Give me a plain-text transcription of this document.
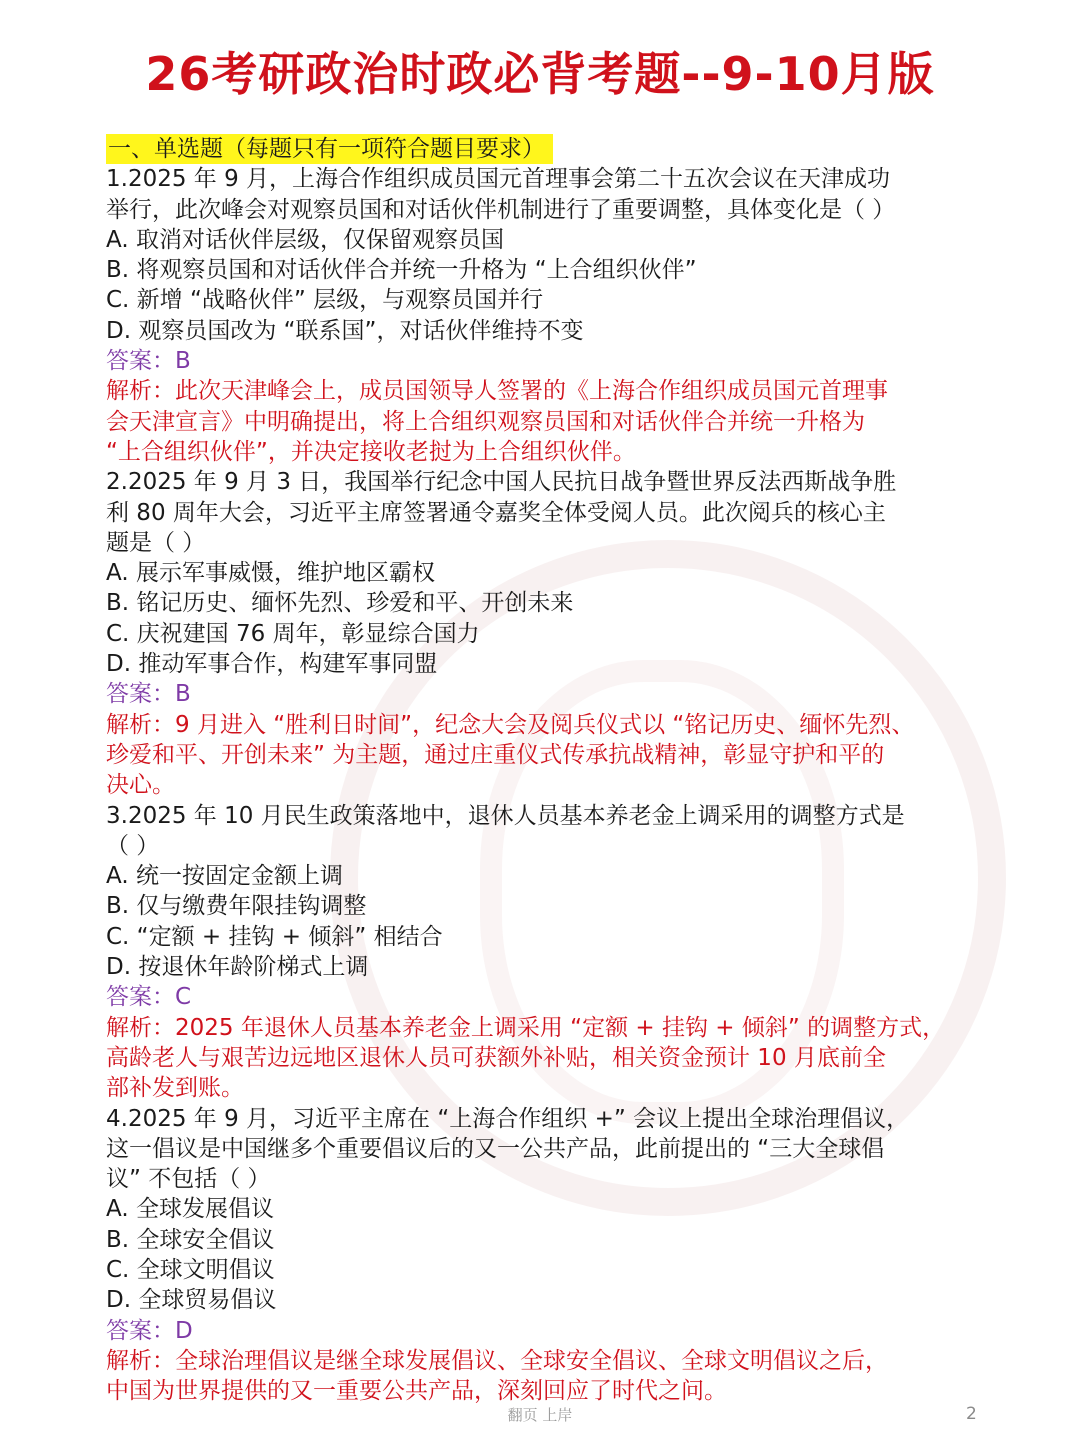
26考研政治时政必背考题--9-10月版
一、单选题（每题只有一项符合题目要求）
1.2025 年 9 月，上海合作组织成员国元首理事会第二十五次会议在天津成功
举行，此次峰会对观察员国和对话伙伴机制进行了重要调整，具体变化是（ ）
A. 取消对话伙伴层级，仅保留观察员国
B. 将观察员国和对话伙伴合并统一升格为 “上合组织伙伴”
C. 新增 “战略伙伴” 层级，与观察员国并行
D. 观察员国改为 “联系国”，对话伙伴维持不变
答案：B
解析：此次天津峰会上，成员国领导人签署的《上海合作组织成员国元首理事
会天津宣言》中明确提出，将上合组织观察员国和对话伙伴合并统一升格为
“上合组织伙伴”，并决定接收老挝为上合组织伙伴。
2.2025 年 9 月 3 日，我国举行纪念中国人民抗日战争暨世界反法西斯战争胜
利 80 周年大会，习近平主席签署通令嘉奖全体受阅人员。此次阅兵的核心主
题是（ ）
A. 展示军事威慑，维护地区霸权
B. 铭记历史、缅怀先烈、珍爱和平、开创未来
C. 庆祝建国 76 周年，彰显综合国力
D. 推动军事合作，构建军事同盟
答案：B
解析：9 月进入 “胜利日时间”，纪念大会及阅兵仪式以 “铭记历史、缅怀先烈、
珍爱和平、开创未来” 为主题，通过庄重仪式传承抗战精神，彰显守护和平的
决心。
3.2025 年 10 月民生政策落地中，退休人员基本养老金上调采用的调整方式是
（ ）
A. 统一按固定金额上调
B. 仅与缴费年限挂钩调整
C. “定额 + 挂钩 + 倾斜” 相结合
D. 按退休年龄阶梯式上调
答案：C
解析：2025 年退休人员基本养老金上调采用 “定额 + 挂钩 + 倾斜” 的调整方式，
高龄老人与艰苦边远地区退休人员可获额外补贴，相关资金预计 10 月底前全
部补发到账。
4.2025 年 9 月，习近平主席在 “上海合作组织 +” 会议上提出全球治理倡议，
这一倡议是中国继多个重要倡议后的又一公共产品，此前提出的 “三大全球倡
议” 不包括（ ）
A. 全球发展倡议
B. 全球安全倡议
C. 全球文明倡议
D. 全球贸易倡议
答案：D
解析：全球治理倡议是继全球发展倡议、全球安全倡议、全球文明倡议之后，
中国为世界提供的又一重要公共产品，深刻回应了时代之问。
翻页 上岸	2
